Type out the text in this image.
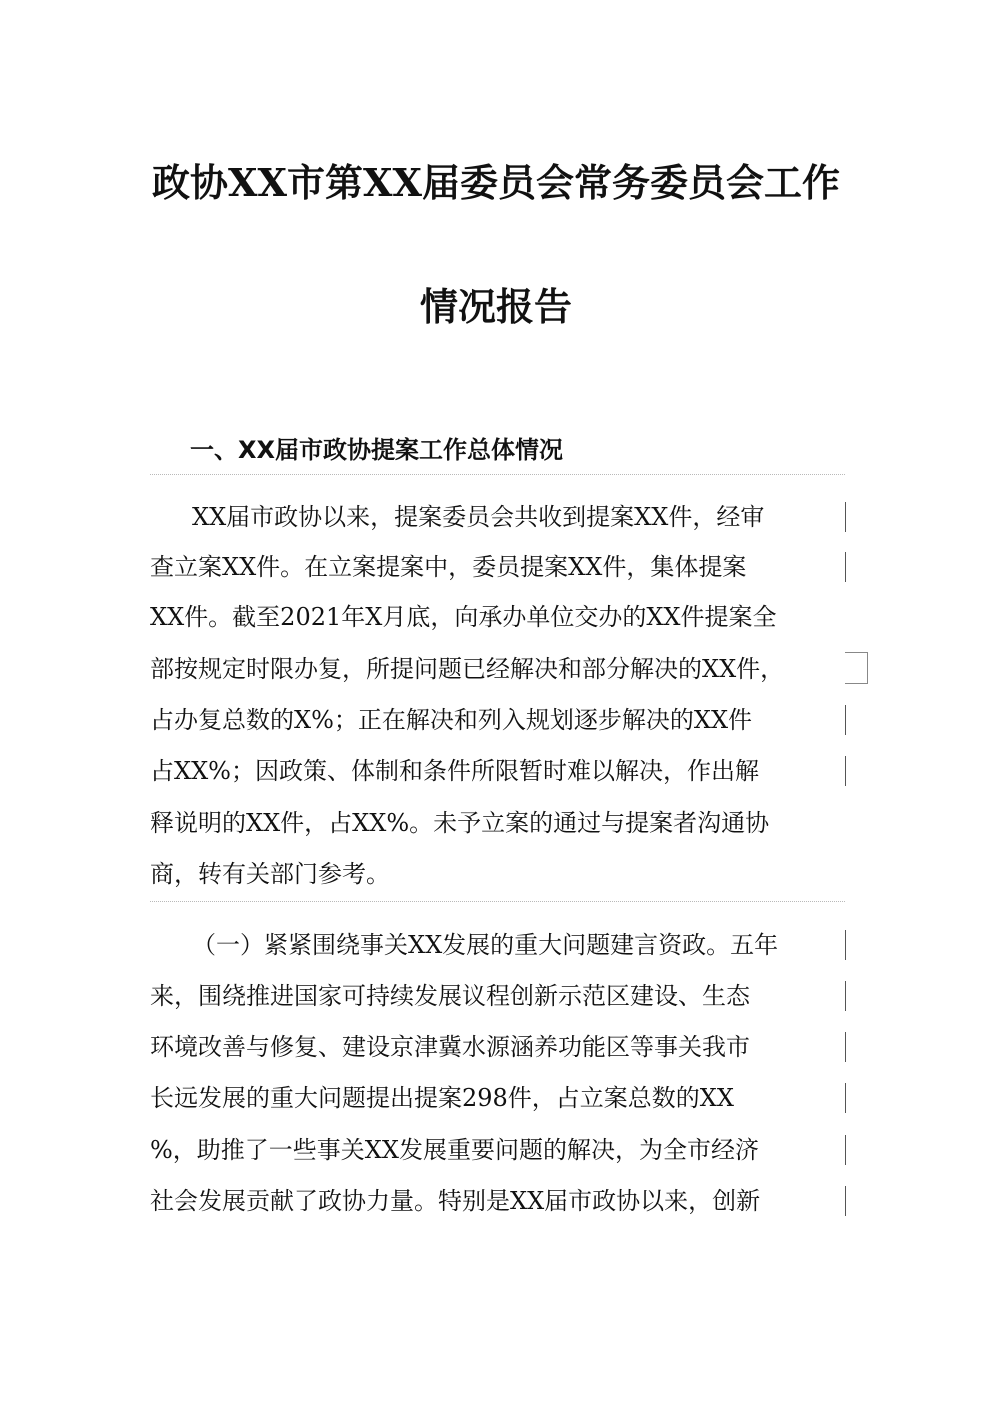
政协XX市第XX届委员会常务委员会工作
情况报告
一、XX届市政协提案工作总体情况
XX届市政协以来，提案委员会共收到提案XX件，经审
查立案XX件。在立案提案中，委员提案XX件，集体提案
XX件。截至2021年X月底，向承办单位交办的XX件提案全
部按规定时限办复，所提问题已经解决和部分解决的XX件，
占办复总数的X%；正在解决和列入规划逐步解决的XX件
占XX%；因政策、体制和条件所限暂时难以解决，作出解
释说明的XX件，占XX%。未予立案的通过与提案者沟通协
商，转有关部门参考。
（一）紧紧围绕事关XX发展的重大问题建言资政。五年
来，围绕推进国家可持续发展议程创新示范区建设、生态
环境改善与修复、建设京津冀水源涵养功能区等事关我市
长远发展的重大问题提出提案298件，占立案总数的XX
%，助推了一些事关XX发展重要问题的解决，为全市经济
社会发展贡献了政协力量。特别是XX届市政协以来，创新
